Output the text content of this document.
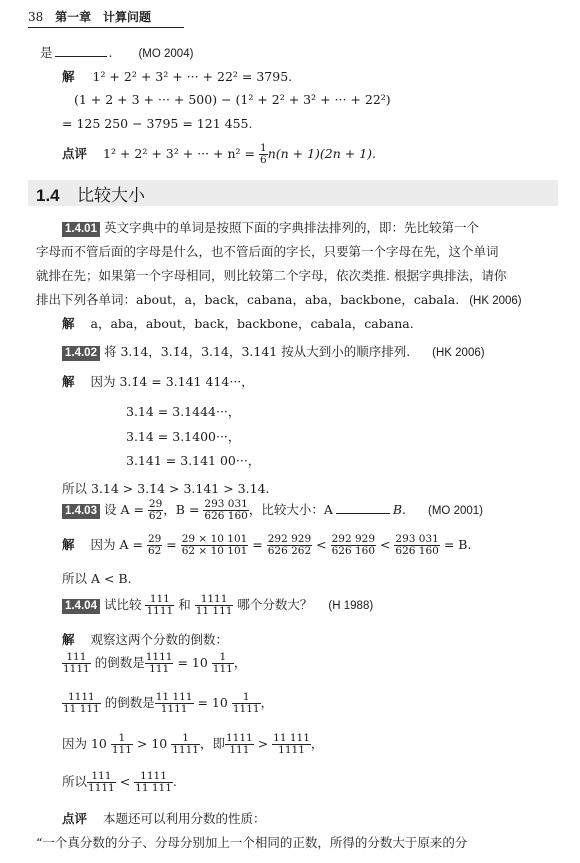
38 第一章 计算问题
是	. (MO 2004)
解 1² + 2² + 3² + ··· + 22² = 3795.
(1 + 2 + 3 + ··· + 500) − (1² + 2² + 3² + ··· + 22²)
= 125 250 − 3795 = 121 455.
点评 1² + 2² + 3² + ··· + $n^2 = \frac{1}{6} n(n + 1)(2n + 1)$.
1.4 比较大小
1.4.01 英文字典中的单词是按照下面的字典排法排列的，即：先比较第一个
字母而不管后面的字母是什么，也不管后面的字长，只要第一个字母在先，这个单词
就排在先；如果第一个字母相同，则比较第二个字母，依次类推. 根据字典排法，请你
排出下列各单词：about，a，back，cabana，aba，backbone，cabala. (HK 2006)
解 a，aba，about，back，backbone，cabala，cabana.
1.4.02 将 3.14，3.1̇4̇，3.14̇，3.141 按从大到小的顺序排列. (HK 2006)
解 因为 3.1̇4̇ = 3.141 414···，
3.14̇ = 3.1444···，
3.14 = 3.1400···，
3.141 = 3.141 00···，
所以 3.14̇ > 3.1̇4̇ > 3.141 > 3.14.
1.4.03 设 $A = \frac{29}{62}$ ，$B = \frac{293 031}{626 160}$ ，比较大小：A	B. (MO 2001)
解 因为 $A = \frac{29}{62} = \frac{29 \times 10 101}{62 \times 10 101} = \frac{292 929}{626 262} < \frac{292 929}{626 160} < \frac{293 031}{626 160} = B$.
所以 A < B.
1.4.04 试比较 $\frac{111}{1111}$ 和 $\frac{1111}{11 111}$ 哪个分数大？ (H 1988)
解 观察这两个分数的倒数：
$\frac{111}{1111}$ 的倒数是 $\frac{1111}{111} = 10 \frac{1}{111}$ ，
$\frac{1111}{11 111}$ 的倒数是 $\frac{11 111}{1111} = 10 \frac{1}{1111}$ ，
因为 $10 \frac{1}{111} > 10 \frac{1}{1111}$ ，即 $\frac{1111}{111} > \frac{11 111}{1111}$ ，
所以 $\frac{111}{1111} < \frac{1111}{11 111}$ .
点评 本题还可以利用分数的性质：
“一个真分数的分子、分母分别加上一个相同的正数，所得的分数大于原来的分
